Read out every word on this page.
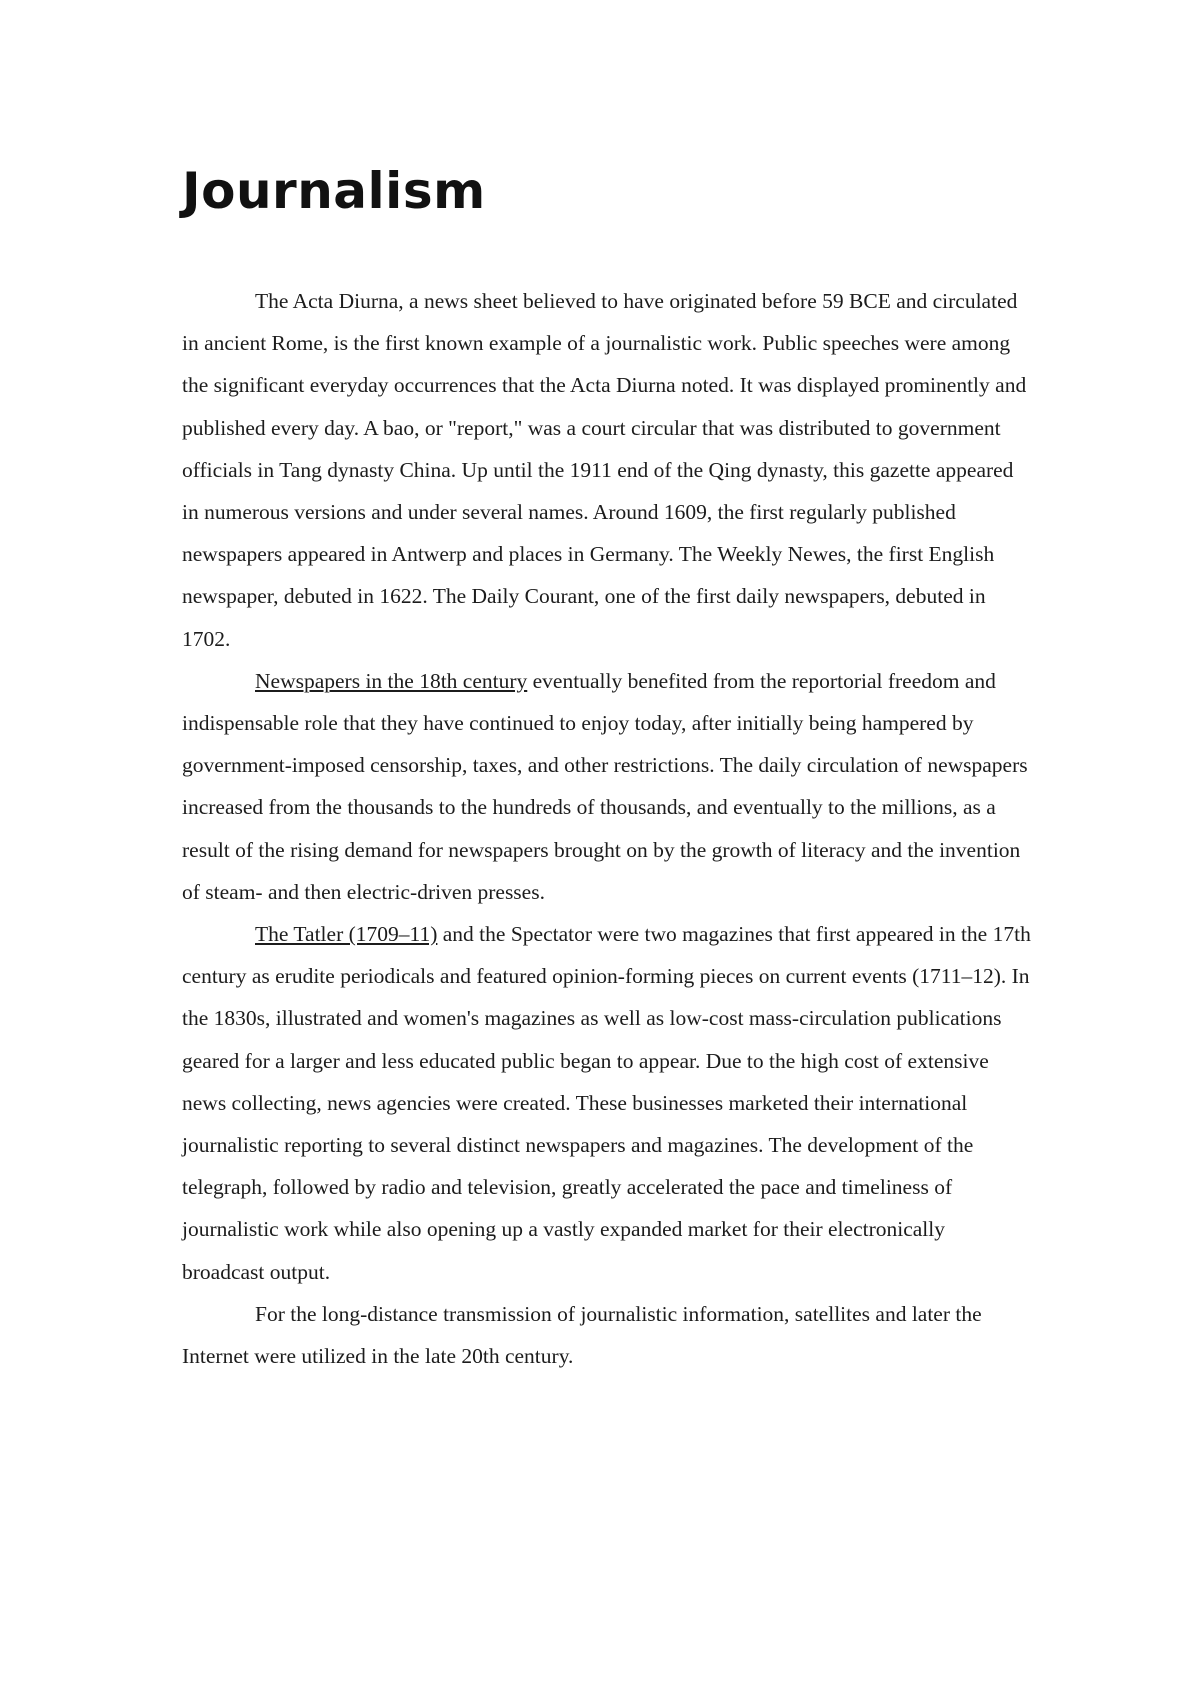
Journalism

The Acta Diurna, a news sheet believed to have originated before 59 BCE and circulated in ancient Rome, is the first known example of a journalistic work. Public speeches were among the significant everyday occurrences that the Acta Diurna noted. It was displayed prominently and published every day. A bao, or "report," was a court circular that was distributed to government officials in Tang dynasty China. Up until the 1911 end of the Qing dynasty, this gazette appeared in numerous versions and under several names. Around 1609, the first regularly published newspapers appeared in Antwerp and places in Germany. The Weekly Newes, the first English newspaper, debuted in 1622. The Daily Courant, one of the first daily newspapers, debuted in 1702.

Newspapers in the 18th century eventually benefited from the reportorial freedom and indispensable role that they have continued to enjoy today, after initially being hampered by government-imposed censorship, taxes, and other restrictions. The daily circulation of newspapers increased from the thousands to the hundreds of thousands, and eventually to the millions, as a result of the rising demand for newspapers brought on by the growth of literacy and the invention of steam- and then electric-driven presses.

The Tatler (1709–11) and the Spectator were two magazines that first appeared in the 17th century as erudite periodicals and featured opinion-forming pieces on current events (1711–12). In the 1830s, illustrated and women's magazines as well as low-cost mass-circulation publications geared for a larger and less educated public began to appear. Due to the high cost of extensive news collecting, news agencies were created. These businesses marketed their international journalistic reporting to several distinct newspapers and magazines. The development of the telegraph, followed by radio and television, greatly accelerated the pace and timeliness of journalistic work while also opening up a vastly expanded market for their electronically broadcast output.

For the long-distance transmission of journalistic information, satellites and later the Internet were utilized in the late 20th century.
